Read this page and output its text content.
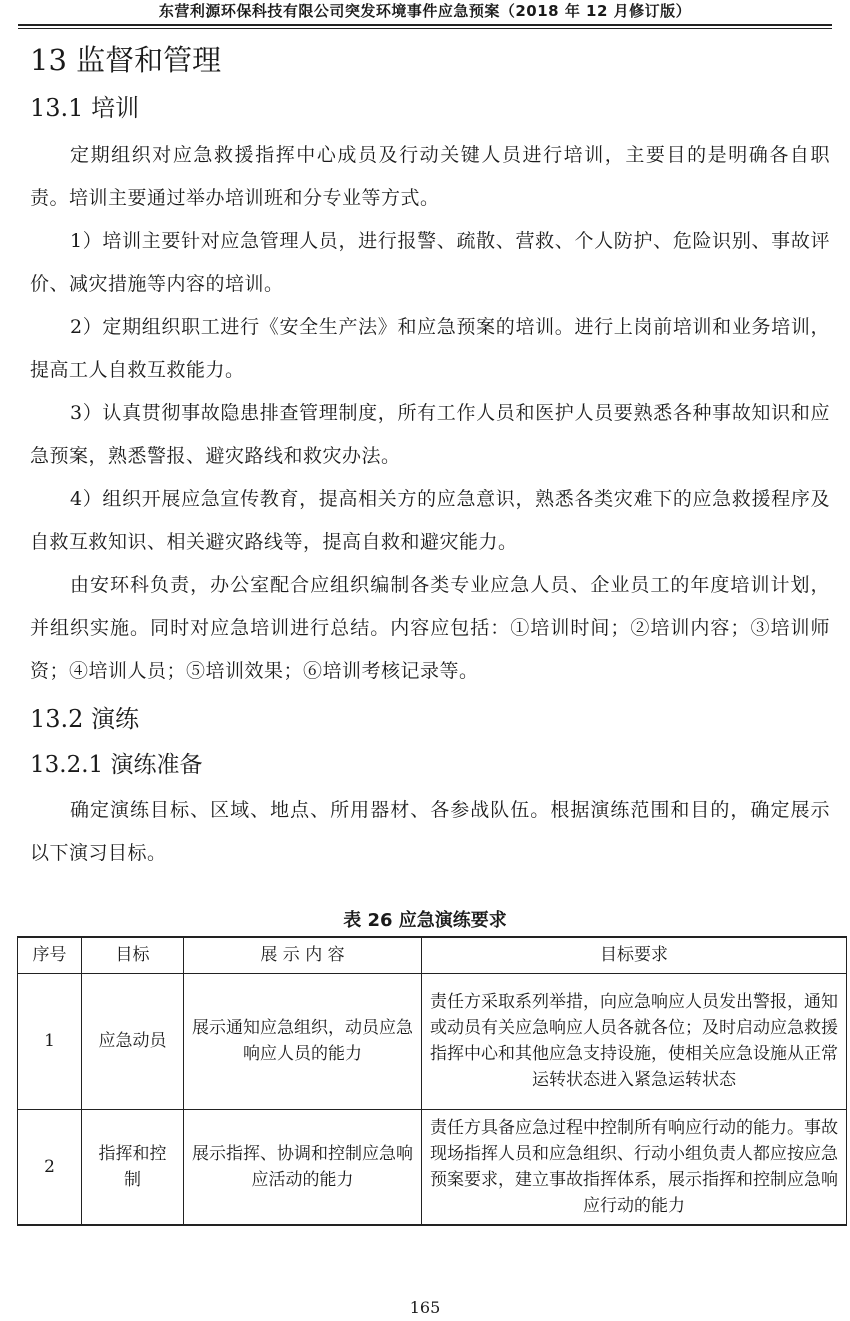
东营利源环保科技有限公司突发环境事件应急预案（2018 年 12 月修订版）
13 监督和管理
13.1 培训

定期组织对应急救援指挥中心成员及行动关键人员进行培训，主要目的是明确各自职责。培训主要通过举办培训班和分专业等方式。

1）培训主要针对应急管理人员，进行报警、疏散、营救、个人防护、危险识别、事故评价、减灾措施等内容的培训。

2）定期组织职工进行《安全生产法》和应急预案的培训。进行上岗前培训和业务培训，提高工人自救互救能力。

3）认真贯彻事故隐患排查管理制度，所有工作人员和医护人员要熟悉各种事故知识和应急预案，熟悉警报、避灾路线和救灾办法。

4）组织开展应急宣传教育，提高相关方的应急意识，熟悉各类灾难下的应急救援程序及自救互救知识、相关避灾路线等，提高自救和避灾能力。

由安环科负责，办公室配合应组织编制各类专业应急人员、企业员工的年度培训计划，并组织实施。同时对应急培训进行总结。内容应包括：①培训时间；②培训内容；③培训师资；④培训人员；⑤培训效果；⑥培训考核记录等。

13.2 演练
13.2.1 演练准备

确定演练目标、区域、地点、所用器材、各参战队伍。根据演练范围和目的，确定展示以下演习目标。

表 26 应急演练要求
序号	目标	展 示 内 容	目标要求
1	应急动员	展示通知应急组织，动员应急响应人员的能力	责任方采取系列举措，向应急响应人员发出警报，通知或动员有关应急响应人员各就各位；及时启动应急救援指挥中心和其他应急支持设施，使相关应急设施从正常运转状态进入紧急运转状态
2	指挥和控制	展示指挥、协调和控制应急响应活动的能力	责任方具备应急过程中控制所有响应行动的能力。事故现场指挥人员和应急组织、行动小组负责人都应按应急预案要求，建立事故指挥体系，展示指挥和控制应急响应行动的能力
165
